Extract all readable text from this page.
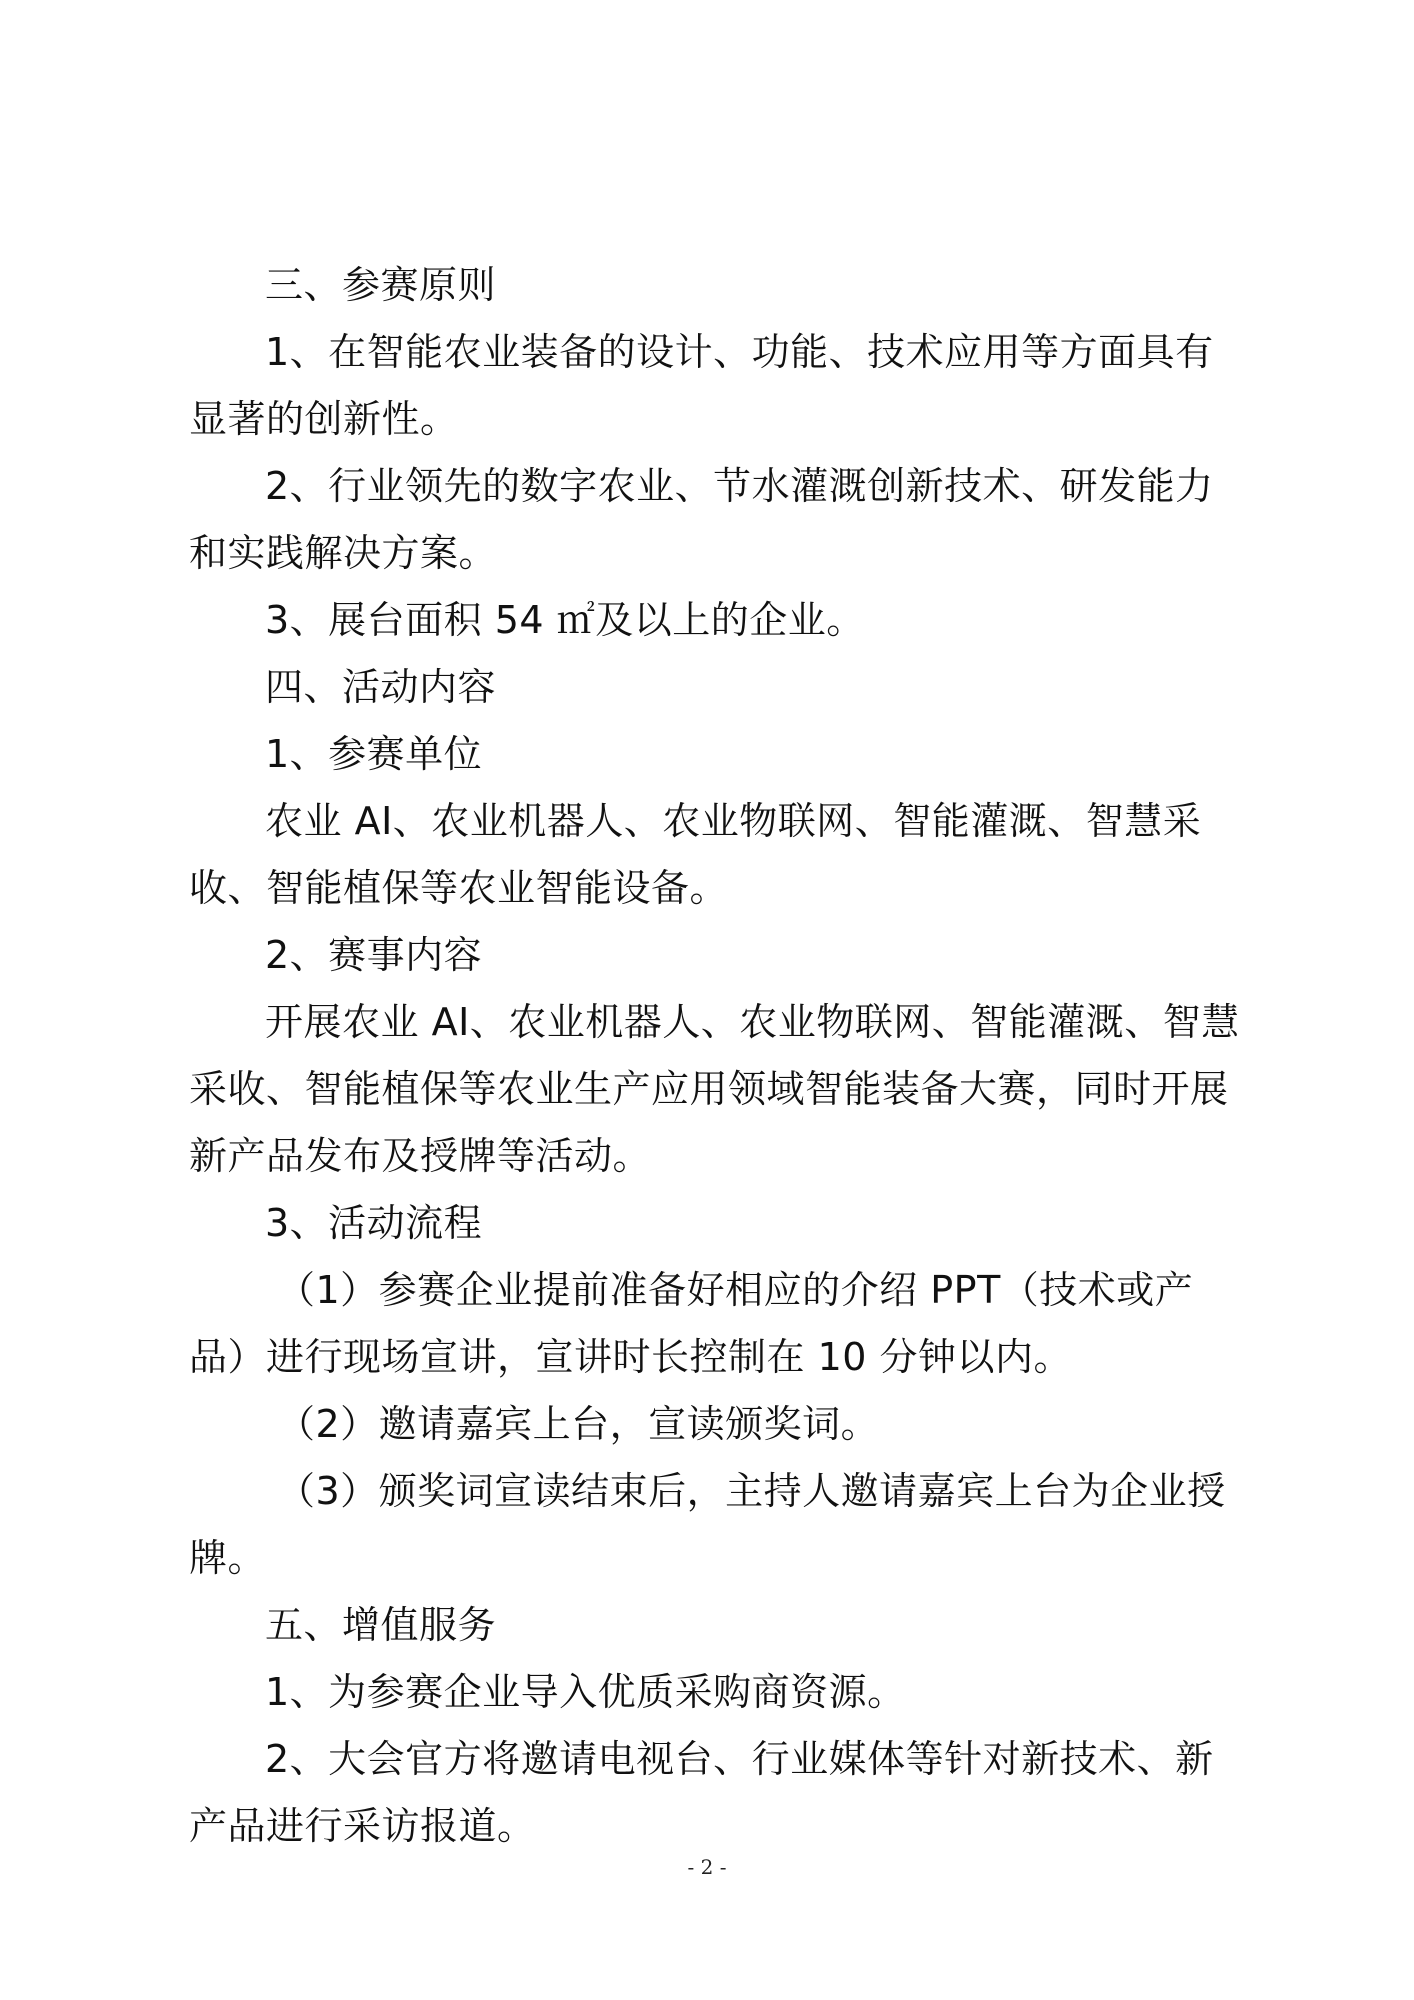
三、参赛原则

1、在智能农业装备的设计、功能、技术应用等方面具有显著的创新性。

2、行业领先的数字农业、节水灌溉创新技术、研发能力和实践解决方案。

3、展台面积 54 ㎡及以上的企业。

四、活动内容

1、参赛单位

农业 AI、农业机器人、农业物联网、智能灌溉、智慧采收、智能植保等农业智能设备。

2、赛事内容

开展农业 AI、农业机器人、农业物联网、智能灌溉、智慧采收、智能植保等农业生产应用领域智能装备大赛，同时开展新产品发布及授牌等活动。

3、活动流程

（1）参赛企业提前准备好相应的介绍 PPT（技术或产品）进行现场宣讲，宣讲时长控制在 10 分钟以内。

（2）邀请嘉宾上台，宣读颁奖词。

（3）颁奖词宣读结束后，主持人邀请嘉宾上台为企业授牌。

五、增值服务

1、为参赛企业导入优质采购商资源。

2、大会官方将邀请电视台、行业媒体等针对新技术、新产品进行采访报道。

- 2 -
